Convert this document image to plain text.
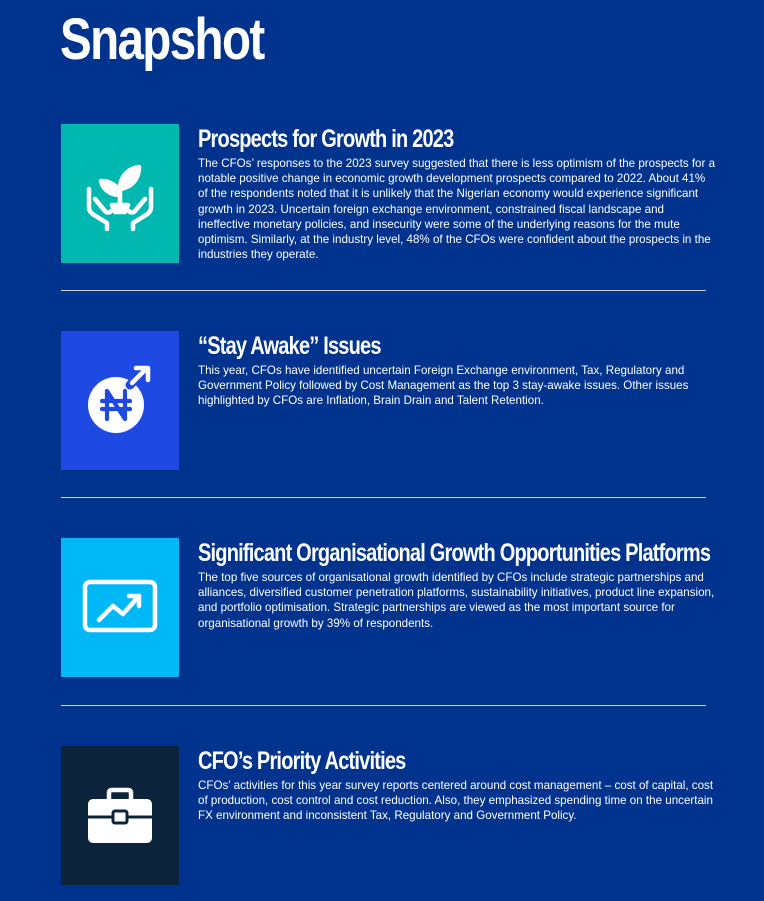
Snapshot
Prospects for Growth in 2023

The CFOs’ responses to the 2023 survey suggested that there is less optimism of the prospects for a notable positive change in economic growth development prospects compared to 2022. About 41% of the respondents noted that it is unlikely that the Nigerian economy would experience significant growth in 2023. Uncertain foreign exchange environment, constrained fiscal landscape and ineffective monetary policies, and insecurity were some of the underlying reasons for the mute optimism. Similarly, at the industry level, 48% of the CFOs were confident about the prospects in the industries they operate.

“Stay Awake” Issues

This year, CFOs have identified uncertain Foreign Exchange environment, Tax, Regulatory and Government Policy followed by Cost Management as the top 3 stay-awake issues. Other issues highlighted by CFOs are Inflation, Brain Drain and Talent Retention.

Significant Organisational Growth Opportunities Platforms

The top five sources of organisational growth identified by CFOs include strategic partnerships and alliances, diversified customer penetration platforms, sustainability initiatives, product line expansion, and portfolio optimisation. Strategic partnerships are viewed as the most important source for organisational growth by 39% of respondents.

CFO’s Priority Activities

CFOs’ activities for this year survey reports centered around cost management – cost of capital, cost of production, cost control and cost reduction. Also, they emphasized spending time on the uncertain FX environment and inconsistent Tax, Regulatory and Government Policy.
